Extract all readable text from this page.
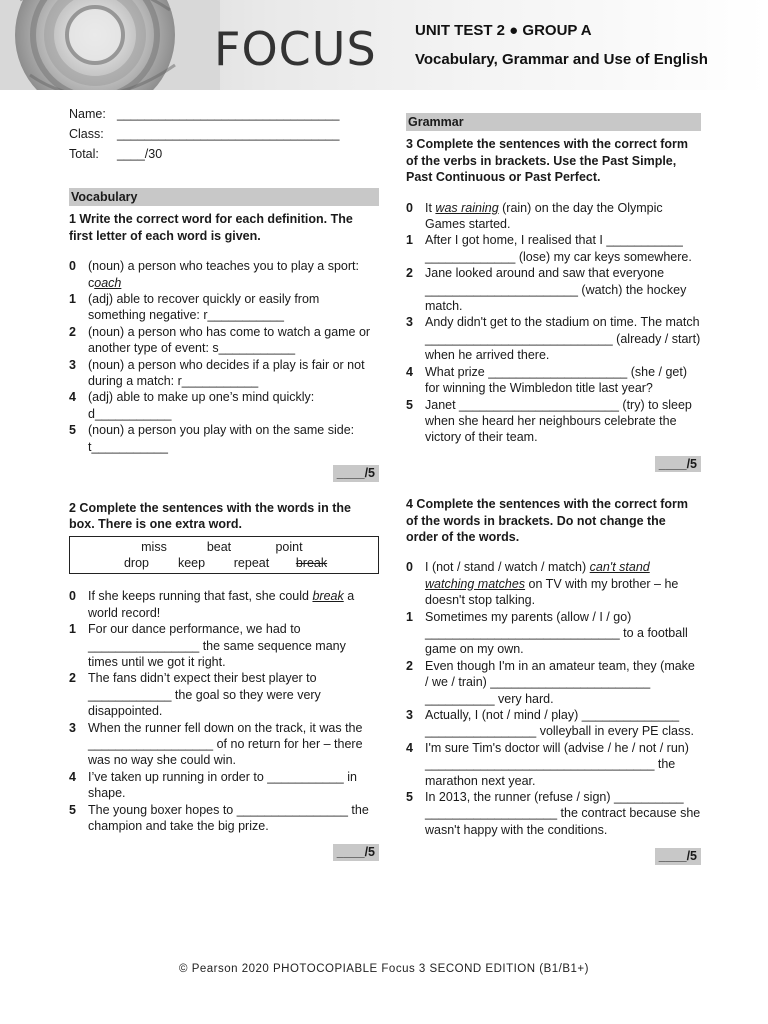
FOCUS	UNIT TEST 2 ● GROUP A
Vocabulary, Grammar and Use of English
Name: ________________________________
Class:	________________________________
Total:	____/30
Vocabulary
1 Write the correct word for each definition. The first letter of each word is given.
0 (noun) a person who teaches you to play a sport: coach
1 (adj) able to recover quickly or easily from something negative: r___________
2 (noun) a person who has come to watch a game or another type of event: s___________
3 (noun) a person who decides if a play is fair or not during a match: r___________
4 (adj) able to make up one’s mind quickly: d___________
5 (noun) a person you play with on the same side: t___________
____/5
2 Complete the sentences with the words in the box. There is one extra word.
miss	beat	point
drop	keep	repeat	break
0 If she keeps running that fast, she could break a world record!
1 For our dance performance, we had to ________________ the same sequence many times until we got it right.
2 The fans didn’t expect their best player to ____________ the goal so they were very disappointed.
3 When the runner fell down on the track, it was the __________________ of no return for her – there was no way she could win.
4 I’ve taken up running in order to ___________ in shape.
5 The young boxer hopes to ________________ the champion and take the big prize.
____/5
Grammar
3 Complete the sentences with the correct form of the verbs in brackets. Use the Past Simple, Past Continuous or Past Perfect.
0 It was raining (rain) on the day the Olympic Games started.
1 After I got home, I realised that I ___________ _____________ (lose) my car keys somewhere.
2 Jane looked around and saw that everyone ______________________ (watch) the hockey match.
3 Andy didn't get to the stadium on time. The match ___________________________ (already / start) when he arrived there.
4 What prize ____________________ (she / get) for winning the Wimbledon title last year?
5 Janet _______________________ (try) to sleep when she heard her neighbours celebrate the victory of their team.
____/5
4 Complete the sentences with the correct form of the words in brackets. Do not change the order of the words.
0 I (not / stand / watch / match) can't stand watching matches on TV with my brother – he doesn't stop talking.
1 Sometimes my parents (allow / I / go) ____________________________ to a football game on my own.
2 Even though I'm in an amateur team, they (make / we / train) _______________________ __________ very hard.
3 Actually, I (not / mind / play) ______________ ________________ volleyball in every PE class.
4 I'm sure Tim's doctor will (advise / he / not / run) _________________________________ the marathon next year.
5 In 2013, the runner (refuse / sign) __________ ___________________ the contract because she wasn't happy with the conditions.
____/5
© Pearson 2020 PHOTOCOPIABLE Focus 3 SECOND EDITION (B1/B1+)
